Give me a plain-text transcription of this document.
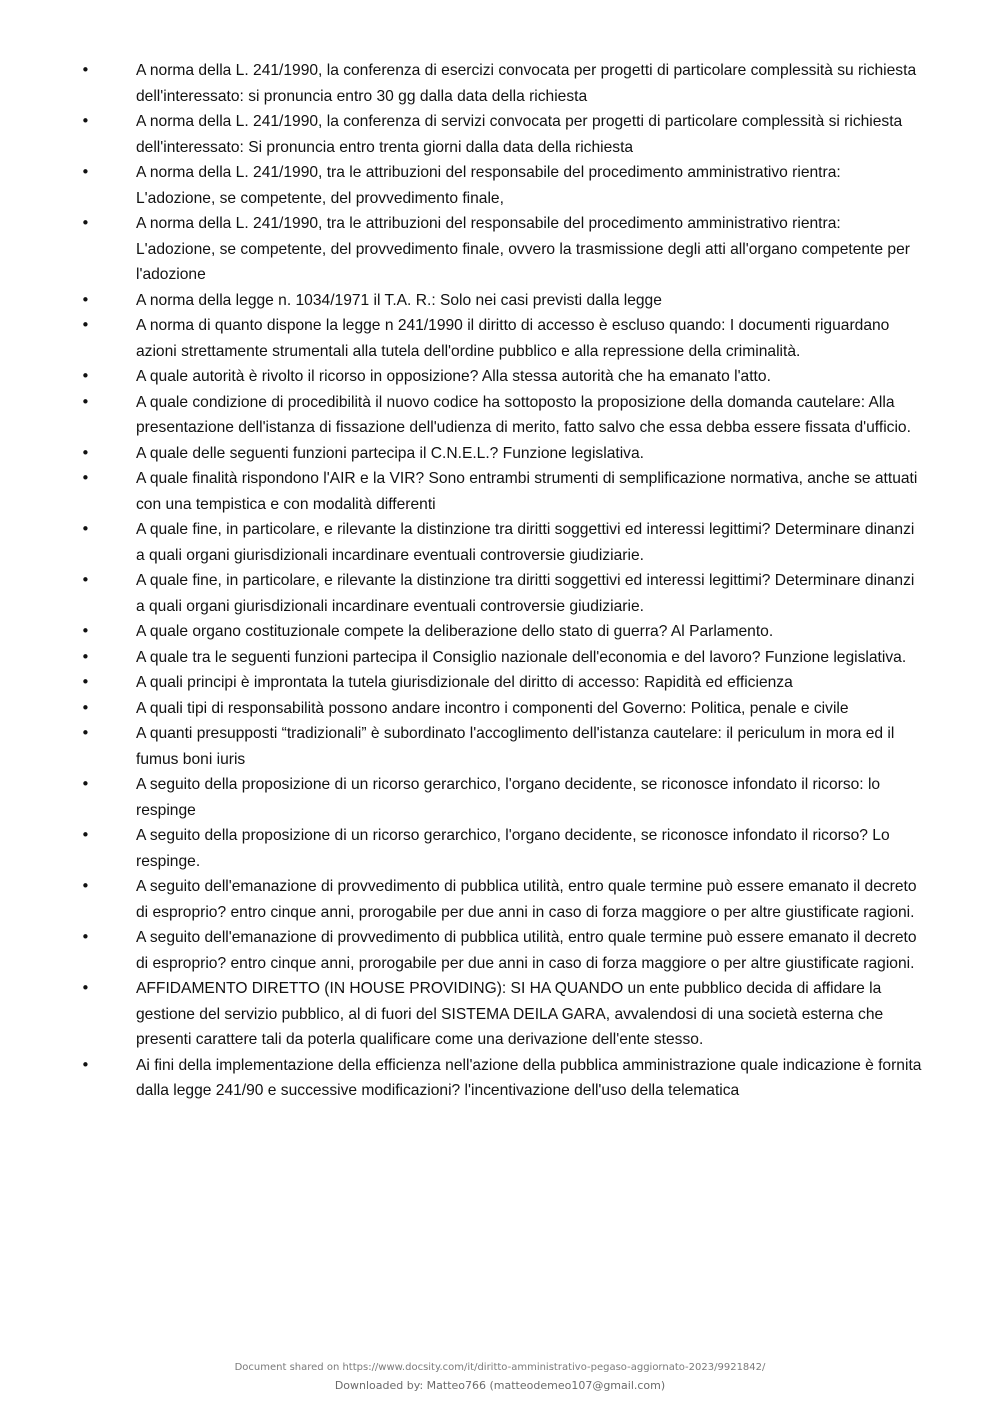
•	A norma della L. 241/1990, la conferenza di esercizi convocata per progetti di particolare complessità su richiesta dell'interessato: si pronuncia entro 30 gg dalla data della richiesta
•	A norma della L. 241/1990, la conferenza di servizi convocata per progetti di particolare complessità si richiesta dell'interessato: Si pronuncia entro trenta giorni dalla data della richiesta
•	A norma della L. 241/1990, tra le attribuzioni del responsabile del procedimento amministrativo rientra: L'adozione, se competente, del provvedimento finale,
•	A norma della L. 241/1990, tra le attribuzioni del responsabile del procedimento amministrativo rientra: L'adozione, se competente, del provvedimento finale, ovvero la trasmissione degli atti all'organo competente per l'adozione
•	A norma della legge n. 1034/1971 il T.A. R.: Solo nei casi previsti dalla legge
•	A norma di quanto dispone la legge n 241/1990 il diritto di accesso è escluso quando: I documenti riguardano azioni strettamente strumentali alla tutela dell'ordine pubblico e alla repressione della criminalità.
•	A quale autorità è rivolto il ricorso in opposizione? Alla stessa autorità che ha emanato l'atto.
•	A quale condizione di procedibilità il nuovo codice ha sottoposto la proposizione della domanda cautelare: Alla presentazione dell'istanza di fissazione dell'udienza di merito, fatto salvo che essa debba essere fissata d'ufficio.
•	A quale delle seguenti funzioni partecipa il C.N.E.L.? Funzione legislativa.
•	A quale finalità rispondono l'AIR e la VIR? Sono entrambi strumenti di semplificazione normativa, anche se attuati con una tempistica e con modalità differenti
•	A quale fine, in particolare, e rilevante la distinzione tra diritti soggettivi ed interessi legittimi? Determinare dinanzi a quali organi giurisdizionali incardinare eventuali controversie giudiziarie.
•	A quale fine, in particolare, e rilevante la distinzione tra diritti soggettivi ed interessi legittimi? Determinare dinanzi a quali organi giurisdizionali incardinare eventuali controversie giudiziarie.
•	A quale organo costituzionale compete la deliberazione dello stato di guerra? Al Parlamento.
•	A quale tra le seguenti funzioni partecipa il Consiglio nazionale dell'economia e del lavoro? Funzione legislativa.
•	A quali principi è improntata la tutela giurisdizionale del diritto di accesso: Rapidità ed efficienza
•	A quali tipi di responsabilità possono andare incontro i componenti del Governo: Politica, penale e civile
•	A quanti presupposti “tradizionali” è subordinato l'accoglimento dell'istanza cautelare: il periculum in mora ed il fumus boni iuris
•	A seguito della proposizione di un ricorso gerarchico, l'organo decidente, se riconosce infondato il ricorso: lo respinge
•	A seguito della proposizione di un ricorso gerarchico, l'organo decidente, se riconosce infondato il ricorso? Lo respinge.
•	A seguito dell'emanazione di provvedimento di pubblica utilità, entro quale termine può essere emanato il decreto di esproprio? entro cinque anni, prorogabile per due anni in caso di forza maggiore o per altre giustificate ragioni.
•	A seguito dell'emanazione di provvedimento di pubblica utilità, entro quale termine può essere emanato il decreto di esproprio? entro cinque anni, prorogabile per due anni in caso di forza maggiore o per altre giustificate ragioni.
•	AFFIDAMENTO DIRETTO (IN HOUSE PROVIDING): SI HA QUANDO un ente pubblico decida di affidare la gestione del servizio pubblico, al di fuori del SISTEMA DEILA GARA, avvalendosi di una società esterna che presenti carattere tali da poterla qualificare come una derivazione dell'ente stesso.
•	Ai fini della implementazione della efficienza nell'azione della pubblica amministrazione quale indicazione è fornita dalla legge 241/90 e successive modificazioni? l'incentivazione dell'uso della telematica
Document shared on https://www.docsity.com/it/diritto-amministrativo-pegaso-aggiornato-2023/9921842/
Downloaded by: Matteo766 (matteodemeo107@gmail.com)
